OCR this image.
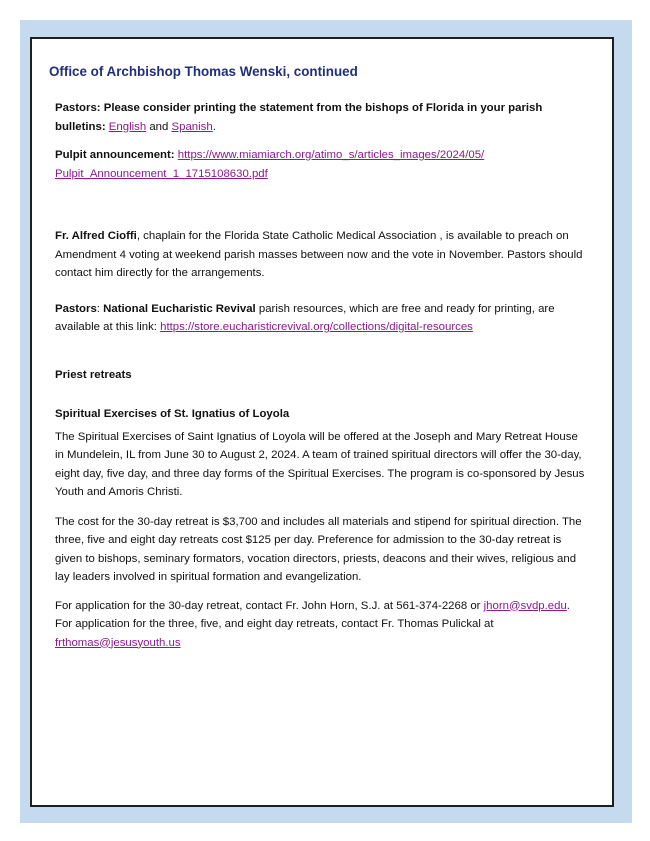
Office of Archbishop Thomas Wenski, continued

Pastors: Please consider printing the statement from the bishops of Florida in your parish bulletins: English and Spanish.

Pulpit announcement: https://www.miamiarch.org/atimo_s/articles_images/2024/05/
Pulpit_Announcement_1_1715108630.pdf

Fr. Alfred Cioffi, chaplain for the Florida State Catholic Medical Association , is available to preach on Amendment 4 voting at weekend parish masses between now and the vote in November. Pastors should contact him directly for the arrangements.

Pastors: National Eucharistic Revival parish resources, which are free and ready for printing, are available at this link: https://store.eucharisticrevival.org/collections/digital-resources

Priest retreats

Spiritual Exercises of St. Ignatius of Loyola

The Spiritual Exercises of Saint Ignatius of Loyola will be offered at the Joseph and Mary Retreat House in Mundelein, IL from June 30 to August 2, 2024. A team of trained spiritual directors will offer the 30-day, eight day, five day, and three day forms of the Spiritual Exercises. The program is co-sponsored by Jesus Youth and Amoris Christi.

The cost for the 30-day retreat is $3,700 and includes all materials and stipend for spiritual direction. The three, five and eight day retreats cost $125 per day. Preference for admission to the 30-day retreat is given to bishops, seminary formators, vocation directors, priests, deacons and their wives, religious and lay leaders involved in spiritual formation and evangelization.

For application for the 30-day retreat, contact Fr. John Horn, S.J. at 561-374-2268 or jhorn@svdp.edu. For application for the three, five, and eight day retreats, contact Fr. Thomas Pulickal at frthomas@jesusyouth.us
